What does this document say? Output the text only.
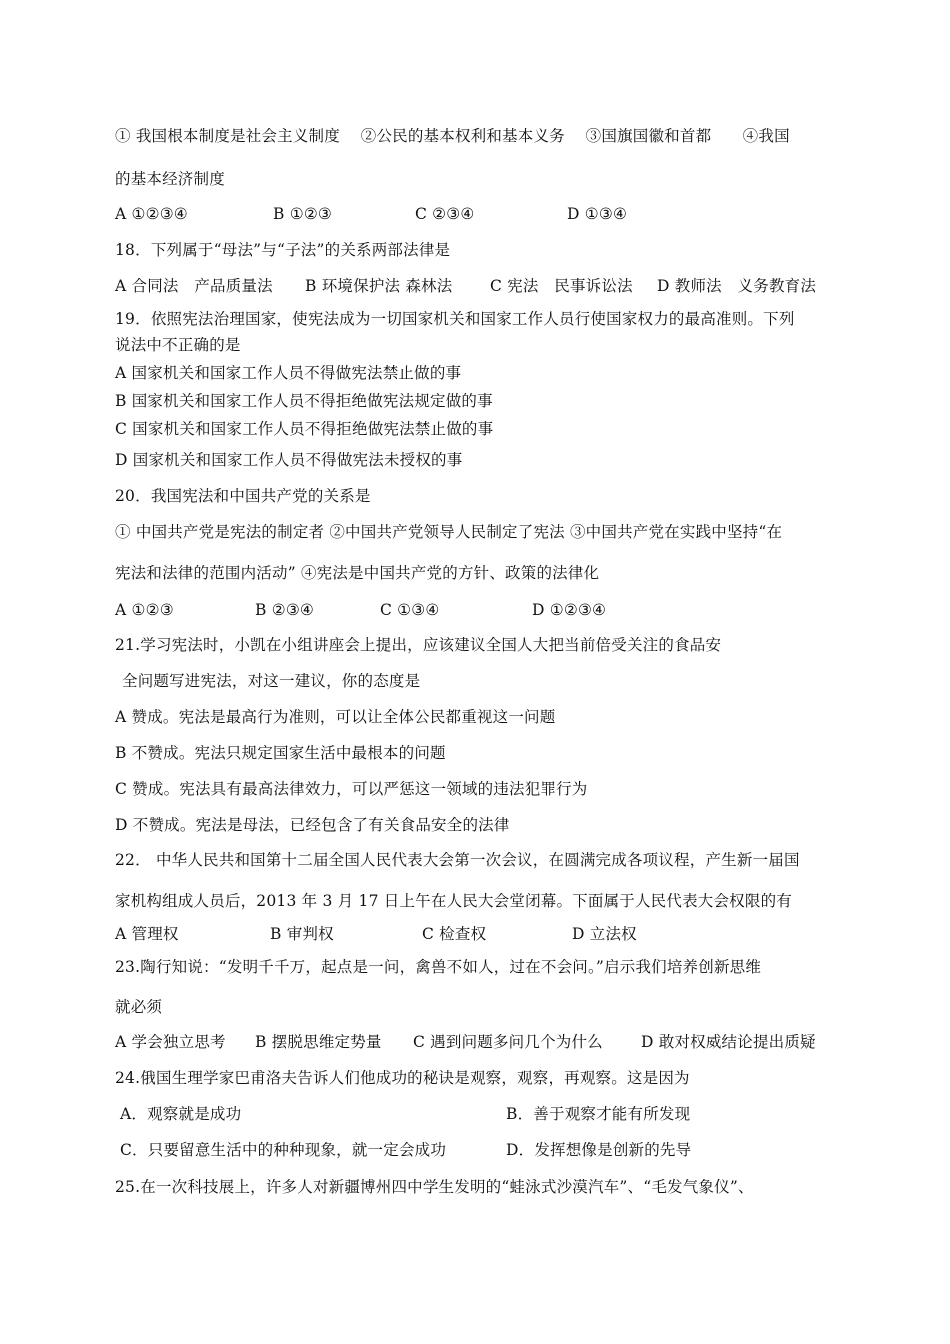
① 我国根本制度是社会主义制度　 ②公民的基本权利和基本义务　 ③国旗国徽和首都　　④我国
的基本经济制度
A ①②③④	B ①②③	C ②③④	D ①③④
18．下列属于“母法”与“子法”的关系两部法律是
A 合同法　产品质量法 B 环境保护法 森林法 C 宪法　民事诉讼法 D 教师法　义务教育法
19．依照宪法治理国家，使宪法成为一切国家机关和国家工作人员行使国家权力的最高准则。下列
说法中不正确的是
A 国家机关和国家工作人员不得做宪法禁止做的事
B 国家机关和国家工作人员不得拒绝做宪法规定做的事
C 国家机关和国家工作人员不得拒绝做宪法禁止做的事
D 国家机关和国家工作人员不得做宪法未授权的事
20．我国宪法和中国共产党的关系是
① 中国共产党是宪法的制定者 ②中国共产党领导人民制定了宪法 ③中国共产党在实践中坚持“在
宪法和法律的范围内活动” ④宪法是中国共产党的方针、政策的法律化
A ①②③	B ②③④	C ①③④	D ①②③④
21.学习宪法时，小凯在小组讲座会上提出，应该建议全国人大把当前倍受关注的食品安
全问题写进宪法，对这一建议，你的态度是
A 赞成。宪法是最高行为准则，可以让全体公民都重视这一问题
B 不赞成。宪法只规定国家生活中最根本的问题
C 赞成。宪法具有最高法律效力，可以严惩这一领域的违法犯罪行为
D 不赞成。宪法是母法，已经包含了有关食品安全的法律
22． 中华人民共和国第十二届全国人民代表大会第一次会议，在圆满完成各项议程，产生新一届国
家机构组成人员后，2013 年 3 月 17 日上午在人民大会堂闭幕。下面属于人民代表大会权限的有
A 管理权	B 审判权	C 检查权	D 立法权
23.陶行知说：“发明千千万，起点是一问，禽兽不如人，过在不会问。”启示我们培养创新思维
就必须
A 学会独立思考 B 摆脱思维定势量 C 遇到问题多问几个为什么 D 敢对权威结论提出质疑
24.俄国生理学家巴甫洛夫告诉人们他成功的秘诀是观察，观察，再观察。这是因为
A．观察就是成功	B．善于观察才能有所发现
C．只要留意生活中的种种现象，就一定会成功	D．发挥想像是创新的先导
25.在一次科技展上，许多人对新疆博州四中学生发明的“蛙泳式沙漠汽车”、“毛发气象仪”、
